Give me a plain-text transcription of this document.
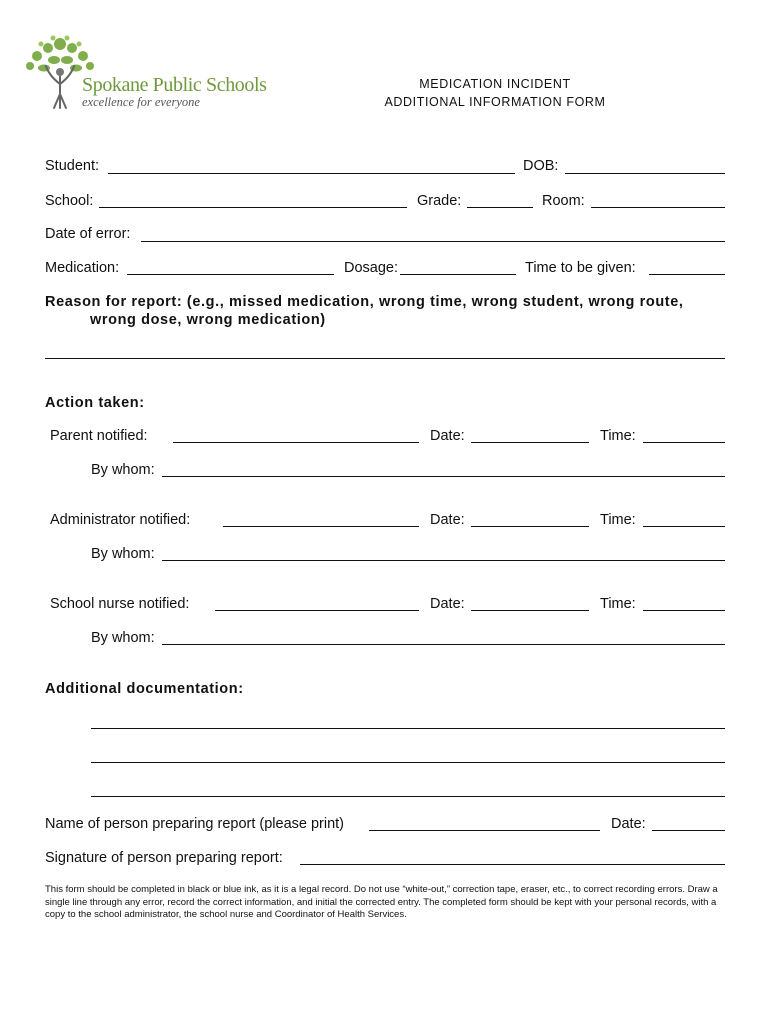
Spokane Public Schools
excellence for everyone
MEDICATION INCIDENT
ADDITIONAL INFORMATION FORM
Student:	DOB:
School:	Grade:	Room:
Date of error:
Medication:	Dosage:	Time to be given:
Reason for report: (e.g., missed medication, wrong time, wrong student, wrong route,
wrong dose, wrong medication)
Action taken:
Parent notified:	Date:	Time:
By whom:
Administrator notified:	Date:	Time:
By whom:
School nurse notified:	Date:	Time:
By whom:
Additional documentation:
Name of person preparing report (please print)	Date:
Signature of person preparing report:
This form should be completed in black or blue ink, as it is a legal record. Do not use “white-out,” correction tape, eraser, etc., to correct recording errors. Draw a single line through any error, record the correct information, and initial the corrected entry. The completed form should be kept with your personal records, with a copy to the school administrator, the school nurse and Coordinator of Health Services.
